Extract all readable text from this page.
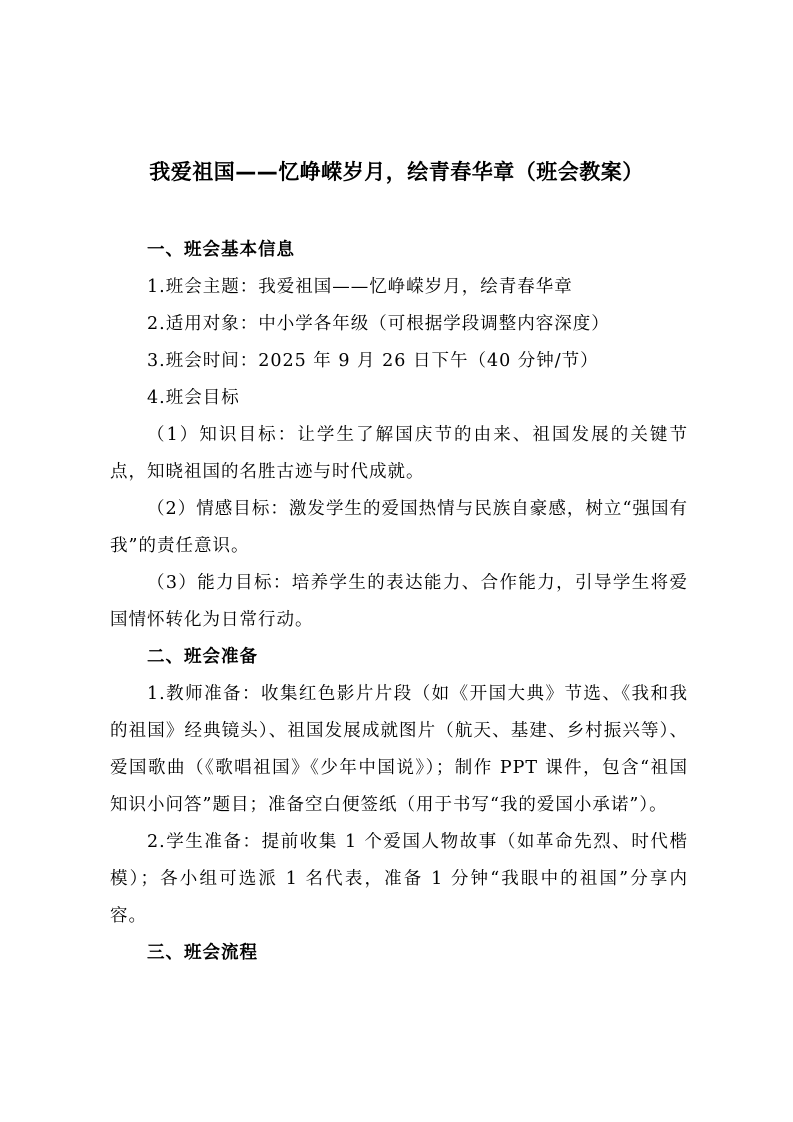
我爱祖国——忆峥嵘岁月，绘青春华章（班会教案）

一、班会基本信息

1.班会主题：我爱祖国——忆峥嵘岁月，绘青春华章

2.适用对象：中小学各年级（可根据学段调整内容深度）

3.班会时间：2025 年 9 月 26 日下午（40 分钟/节）

4.班会目标

（1）知识目标：让学生了解国庆节的由来、祖国发展的关键节点，知晓祖国的名胜古迹与时代成就。

（2）情感目标：激发学生的爱国热情与民族自豪感，树立“强国有我”的责任意识。

（3）能力目标：培养学生的表达能力、合作能力，引导学生将爱国情怀转化为日常行动。

二、班会准备

1.教师准备：收集红色影片片段（如《开国大典》节选、《我和我的祖国》经典镜头）、祖国发展成就图片（航天、基建、乡村振兴等）、爱国歌曲（《歌唱祖国》《少年中国说》）；制作 PPT 课件，包含“祖国知识小问答”题目；准备空白便签纸（用于书写“我的爱国小承诺”）。

2.学生准备：提前收集 1 个爱国人物故事（如革命先烈、时代楷模）；各小组可选派 1 名代表，准备 1 分钟“我眼中的祖国”分享内容。

三、班会流程
